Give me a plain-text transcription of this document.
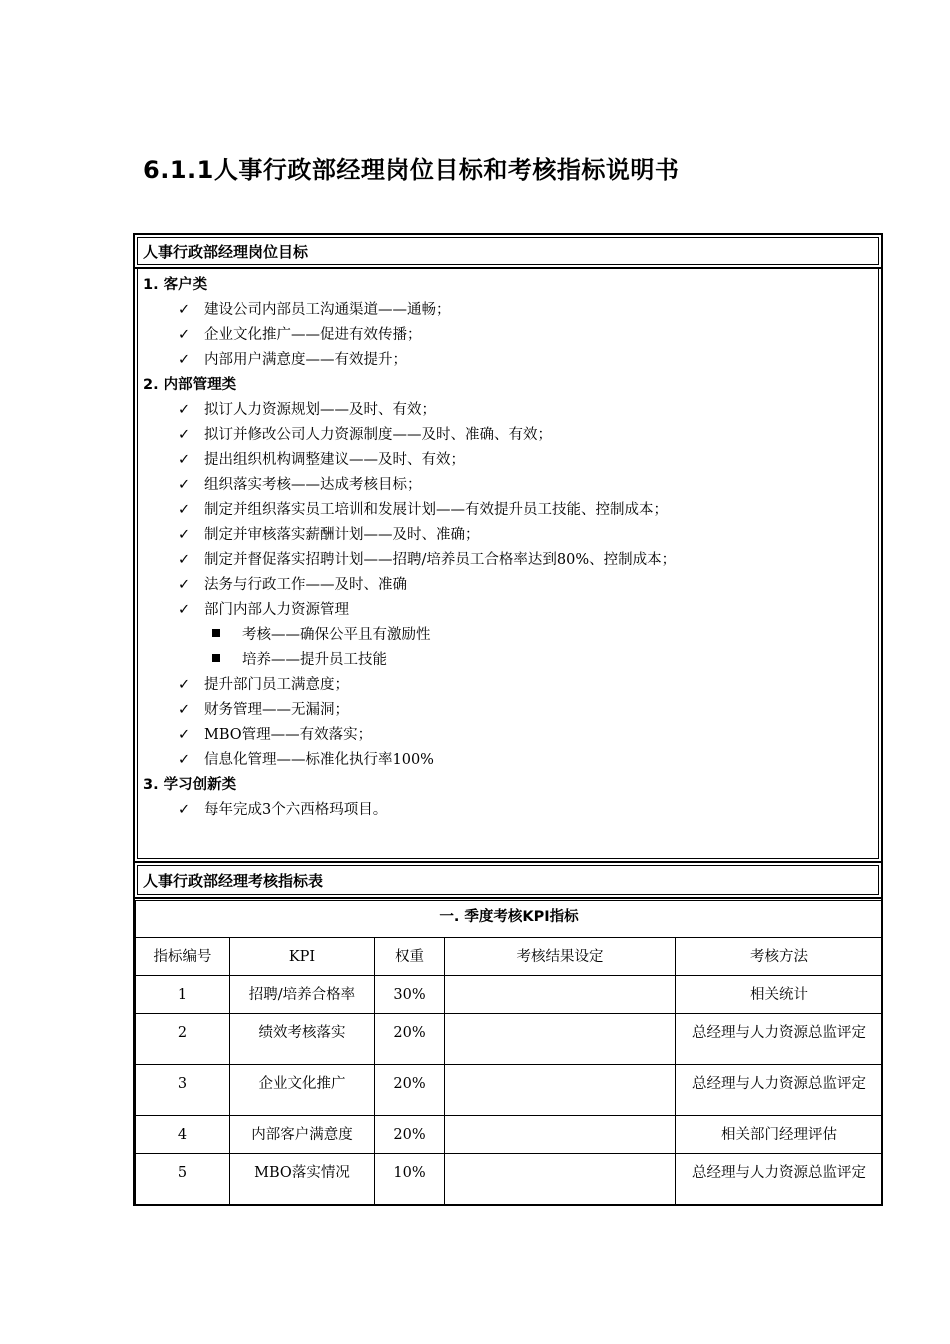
6.1.1人事行政部经理岗位目标和考核指标说明书
人事行政部经理岗位目标
1. 客户类
✓ 建设公司内部员工沟通渠道——通畅；
✓ 企业文化推广——促进有效传播；
✓ 内部用户满意度——有效提升；
2. 内部管理类
✓ 拟订人力资源规划——及时、有效；
✓ 拟订并修改公司人力资源制度——及时、准确、有效；
✓ 提出组织机构调整建议——及时、有效；
✓ 组织落实考核——达成考核目标；
✓ 制定并组织落实员工培训和发展计划——有效提升员工技能、控制成本；
✓ 制定并审核落实薪酬计划——及时、准确；
✓ 制定并督促落实招聘计划——招聘/培养员工合格率达到80%、控制成本；
✓ 法务与行政工作——及时、准确
✓ 部门内部人力资源管理
考核——确保公平且有激励性
培养——提升员工技能
✓ 提升部门员工满意度；
✓ 财务管理——无漏洞；
✓ MBO管理——有效落实；
✓ 信息化管理——标准化执行率100%
3. 学习创新类
✓ 每年完成3个六西格玛项目。
人事行政部经理考核指标表
一. 季度考核KPI指标				
指标编号	KPI	权重	考核结果设定	考核方法
1	招聘/培养合格率	30%		相关统计
2	绩效考核落实	20%		总经理与人力资源总监评定
3	企业文化推广	20%		总经理与人力资源总监评定
4	内部客户满意度	20%		相关部门经理评估
5	MBO落实情况	10%		总经理与人力资源总监评定
